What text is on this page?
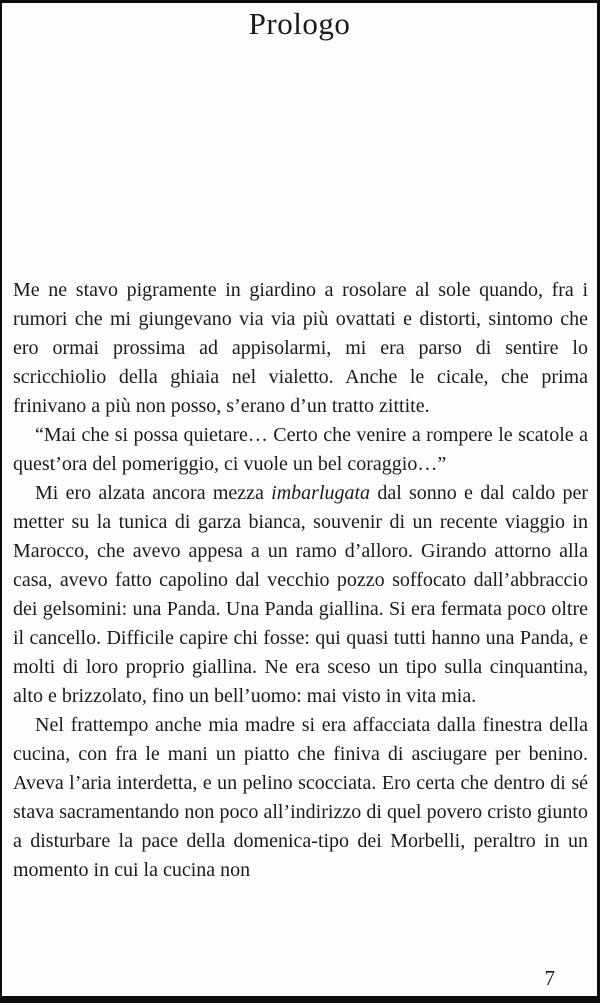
Prologo

Me ne stavo pigramente in giardino a rosolare al sole quando, fra i rumori che mi giungevano via via più ovattati e distorti, sintomo che ero ormai prossima ad appisolarmi, mi era parso di sentire lo scricchiolio della ghiaia nel vialetto. Anche le cicale, che prima frinivano a più non posso, s’erano d’un tratto zittite.

“Mai che si possa quietare… Certo che venire a rompere le scatole a quest’ora del pomeriggio, ci vuole un bel coraggio…”

Mi ero alzata ancora mezza imbarlugata dal sonno e dal caldo per metter su la tunica di garza bianca, souvenir di un recente viaggio in Marocco, che avevo appesa a un ramo d’alloro. Girando attorno alla casa, avevo fatto capolino dal vecchio pozzo soffocato dall’abbraccio dei gelsomini: una Panda. Una Panda giallina. Si era fermata poco oltre il cancello. Difficile capire chi fosse: qui quasi tutti hanno una Panda, e molti di loro proprio giallina. Ne era sceso un tipo sulla cinquantina, alto e brizzolato, fino un bell’uomo: mai visto in vita mia.

Nel frattempo anche mia madre si era affacciata dalla finestra della cucina, con fra le mani un piatto che finiva di asciugare per benino. Aveva l’aria interdetta, e un pelino scocciata. Ero certa che dentro di sé stava sacramentando non poco all’indirizzo di quel povero cristo giunto a disturbare la pace della domenica-tipo dei Morbelli, peraltro in un momento in cui la cucina non

7
